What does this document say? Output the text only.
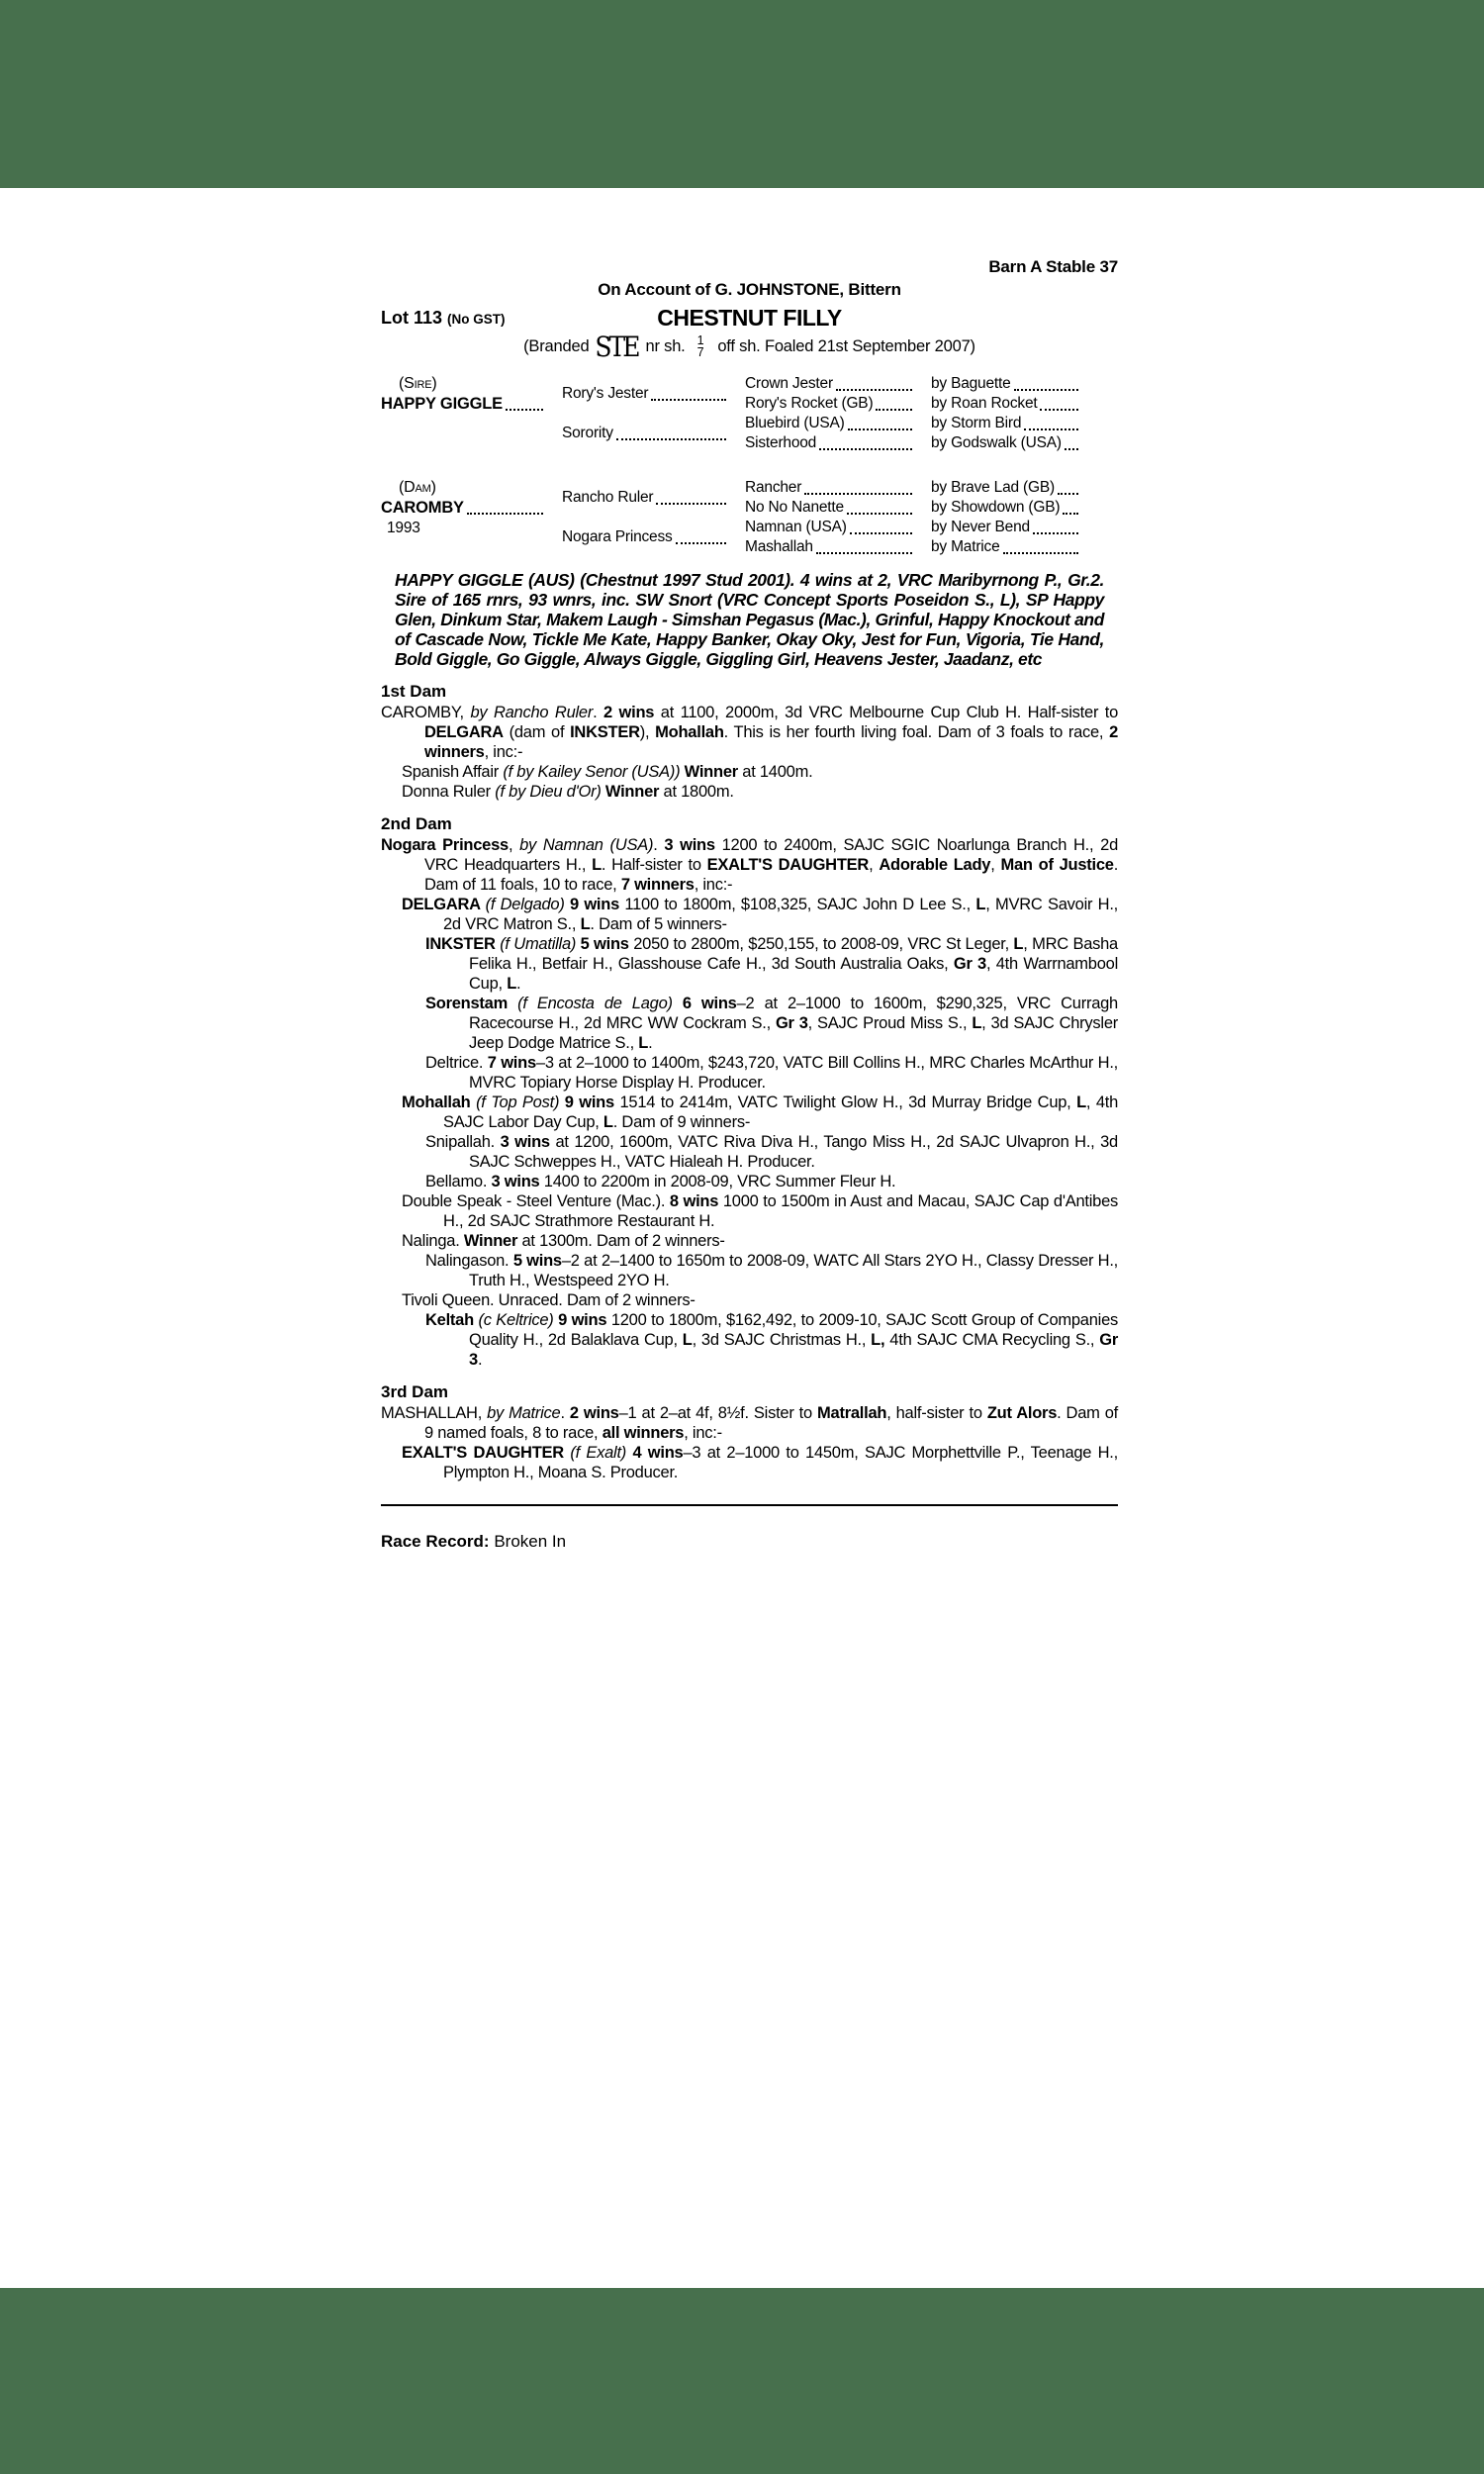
Barn A Stable 37
On Account of G. JOHNSTONE, Bittern
Lot 113 (No GST)	CHESTNUT FILLY
(Branded STE nr sh. 1
7 off sh. Foaled 21st September 2007)
(Sire)
HAPPY GIGGLE
Rory's Jester
Crown Jester	by Baguette
Rory's Rocket (GB)	by Roan Rocket
Sorority
Bluebird (USA)	by Storm Bird
Sisterhood	by Godswalk (USA)
(Dam)
CAROMBY
1993
Rancho Ruler
Rancher	by Brave Lad (GB)
No No Nanette	by Showdown (GB)
Nogara Princess
Namnan (USA)	by Never Bend
Mashallah	by Matrice
HAPPY GIGGLE (AUS) (Chestnut 1997 Stud 2001). 4 wins at 2, VRC Maribyrnong P., Gr.2. Sire of 165 rnrs, 93 wnrs, inc. SW Snort (VRC Concept Sports Poseidon S., L), SP Happy Glen, Dinkum Star, Makem Laugh - Simshan Pegasus (Mac.), Grinful, Happy Knockout and of Cascade Now, Tickle Me Kate, Happy Banker, Okay Oky, Jest for Fun, Vigoria, Tie Hand, Bold Giggle, Go Giggle, Always Giggle, Giggling Girl, Heavens Jester, Jaadanz, etc
1st Dam
CAROMBY, by Rancho Ruler. 2 wins at 1100, 2000m, 3d VRC Melbourne Cup Club H. Half-sister to DELGARA (dam of INKSTER), Mohallah. This is her fourth living foal. Dam of 3 foals to race, 2 winners, inc:-
Spanish Affair (f by Kailey Senor (USA)) Winner at 1400m.
Donna Ruler (f by Dieu d'Or) Winner at 1800m.
2nd Dam
Nogara Princess, by Namnan (USA). 3 wins 1200 to 2400m, SAJC SGIC Noarlunga Branch H., 2d VRC Headquarters H., L. Half-sister to EXALT'S DAUGHTER, Adorable Lady, Man of Justice. Dam of 11 foals, 10 to race, 7 winners, inc:-
DELGARA (f Delgado) 9 wins 1100 to 1800m, $108,325, SAJC John D Lee S., L, MVRC Savoir H., 2d VRC Matron S., L. Dam of 5 winners-
INKSTER (f Umatilla) 5 wins 2050 to 2800m, $250,155, to 2008-09, VRC St Leger, L, MRC Basha Felika H., Betfair H., Glasshouse Cafe H., 3d South Australia Oaks, Gr 3, 4th Warrnambool Cup, L.
Sorenstam (f Encosta de Lago) 6 wins–2 at 2–1000 to 1600m, $290,325, VRC Curragh Racecourse H., 2d MRC WW Cockram S., Gr 3, SAJC Proud Miss S., L, 3d SAJC Chrysler Jeep Dodge Matrice S., L.
Deltrice. 7 wins–3 at 2–1000 to 1400m, $243,720, VATC Bill Collins H., MRC Charles McArthur H., MVRC Topiary Horse Display H. Producer.
Mohallah (f Top Post) 9 wins 1514 to 2414m, VATC Twilight Glow H., 3d Murray Bridge Cup, L, 4th SAJC Labor Day Cup, L. Dam of 9 winners-
Snipallah. 3 wins at 1200, 1600m, VATC Riva Diva H., Tango Miss H., 2d SAJC Ulvapron H., 3d SAJC Schweppes H., VATC Hialeah H. Producer.
Bellamo. 3 wins 1400 to 2200m in 2008-09, VRC Summer Fleur H.
Double Speak - Steel Venture (Mac.). 8 wins 1000 to 1500m in Aust and Macau, SAJC Cap d'Antibes H., 2d SAJC Strathmore Restaurant H.
Nalinga. Winner at 1300m. Dam of 2 winners-
Nalingason. 5 wins–2 at 2–1400 to 1650m to 2008-09, WATC All Stars 2YO H., Classy Dresser H., Truth H., Westspeed 2YO H.
Tivoli Queen. Unraced. Dam of 2 winners-
Keltah (c Keltrice) 9 wins 1200 to 1800m, $162,492, to 2009-10, SAJC Scott Group of Companies Quality H., 2d Balaklava Cup, L, 3d SAJC Christmas H., L, 4th SAJC CMA Recycling S., Gr 3.
3rd Dam
MASHALLAH, by Matrice. 2 wins–1 at 2–at 4f, 8½f. Sister to Matrallah, half-sister to Zut Alors. Dam of 9 named foals, 8 to race, all winners, inc:-
EXALT'S DAUGHTER (f Exalt) 4 wins–3 at 2–1000 to 1450m, SAJC Morphettville P., Teenage H., Plympton H., Moana S. Producer.
Race Record: Broken In
